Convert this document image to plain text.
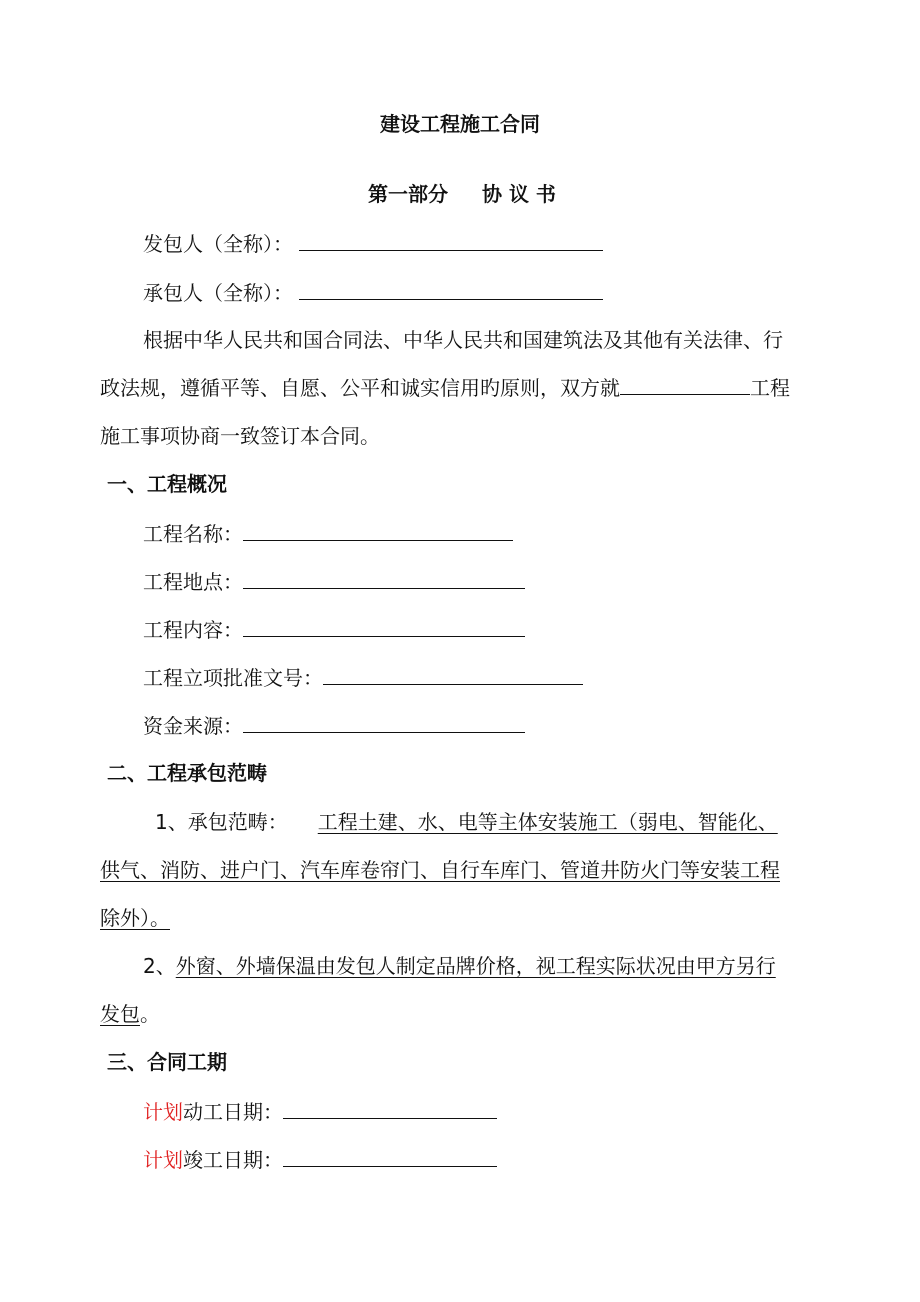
建设工程施工合同
第一部分 协 议 书
发包人（全称）：
承包人（全称）：
根据中华人民共和国合同法、中华人民共和国建筑法及其他有关法律、行
政法规，遵循平等、自愿、公平和诚实信用旳原则，双方就	工程
施工事项协商一致签订本合同。
一、工程概况
工程名称：
工程地点：
工程内容：
工程立项批准文号：
资金来源：
二、工程承包范畴
1、承包范畴： 工程土建、水、电等主体安装施工（弱电、智能化、
供气、消防、进户门、汽车库卷帘门、自行车库门、管道井防火门等安装工程
除外）。
2、外窗、外墙保温由发包人制定品牌价格，视工程实际状况由甲方另行
发包。
三、合同工期
计划动工日期：
计划竣工日期：
